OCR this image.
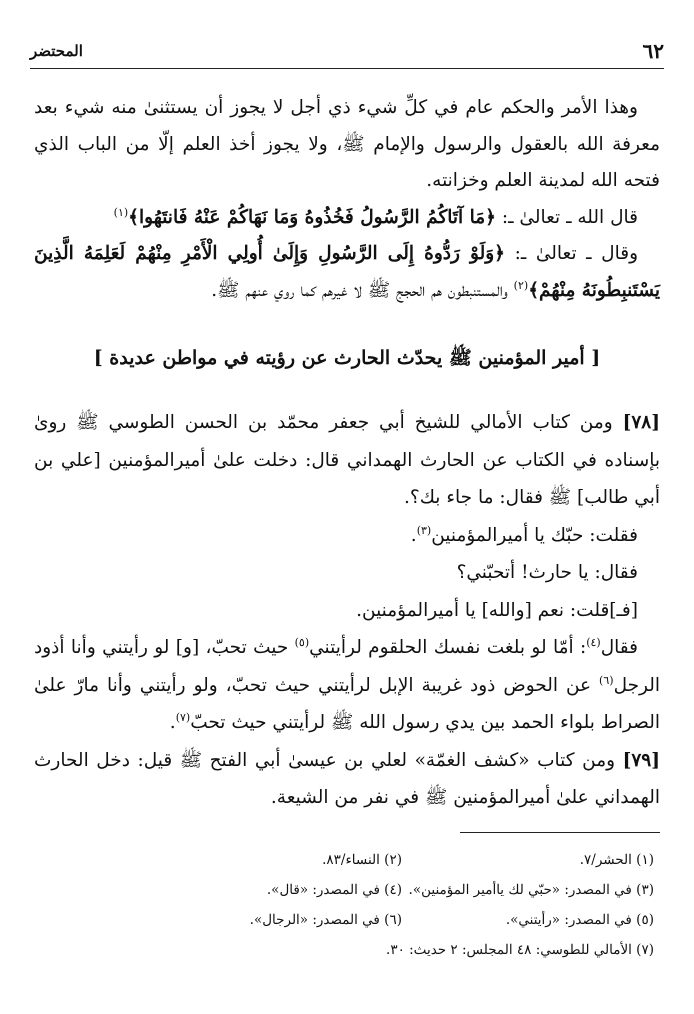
٦٢
المحتضر

وهذا الأمر والحكم عام في كلِّ شيء ذي أجل لا يجوز أن يستثنىٰ منه شيء بعد معرفة الله بالعقول والرسول والإمام ﷺ، ولا يجوز أخذ العلم إلّا من الباب الذي فتحه الله لمدينة العلم وخزانته.

قال الله ـ تعالىٰ ـ: ﴿مَا آتَاكُمُ الرَّسُولُ فَخُذُوهُ وَمَا نَهَاكُمْ عَنْهُ فَانتَهُوا﴾$^{(١)}$

وقال ـ تعالىٰ ـ: ﴿وَلَوْ رَدُّوهُ إِلَى الرَّسُولِ وَإِلَىٰ أُولِي الْأَمْرِ مِنْهُمْ لَعَلِمَهُ الَّذِينَ يَسْتَنبِطُونَهُ مِنْهُمْ﴾$^{(٢)}$ والمستنبطون هم الحجج ﷺ لا غيرهم كما روي عنهم ﷺ.

[ أمير المؤمنين ﷺ يحدّث الحارث عن رؤيته في مواطن عديدة ]

[٧٨] ومن كتاب الأمالي للشيخ أبي جعفر محمّد بن الحسن الطوسي ﷺ روىٰ بإسناده في الكتاب عن الحارث الهمداني قال: دخلت علىٰ أميرالمؤمنين [علي بن أبي طالب] ﷺ فقال: ما جاء بك؟.

فقلت: حبّك يا أميرالمؤمنين$^{(٣)}$.

فقال: يا حارث! أتحبّني؟

[فـ]قلت: نعم [والله] يا أميرالمؤمنين.

فقال$^{(٤)}$: أمّا لو بلغت نفسك الحلقوم لرأيتني$^{(٥)}$ حيث تحبّ، [و] لو رأيتني وأنا أذود الرجل$^{(٦)}$ عن الحوض ذود غريبة الإبل لرأيتني حيث تحبّ، ولو رأيتني وأنا مارّ علىٰ الصراط بلواء الحمد بين يدي رسول الله ﷺ لرأيتني حيث تحبّ$^{(٧)}$.

[٧٩] ومن كتاب «كشف الغمّة» لعلي بن عيسىٰ أبي الفتح ﷺ قيل: دخل الحارث الهمداني علىٰ أميرالمؤمنين ﷺ في نفر من الشيعة.

(١) الحشر/٧.
(٢) النساء/٨٣.
(٣) في المصدر: «حبّي لك ياأمير المؤمنين».
(٤) في المصدر: «قال».
(٥) في المصدر: «رأيتني».
(٦) في المصدر: «الرجال».
(٧) الأمالي للطوسي: ٤٨ المجلس: ٢ حديث: ٣٠.
